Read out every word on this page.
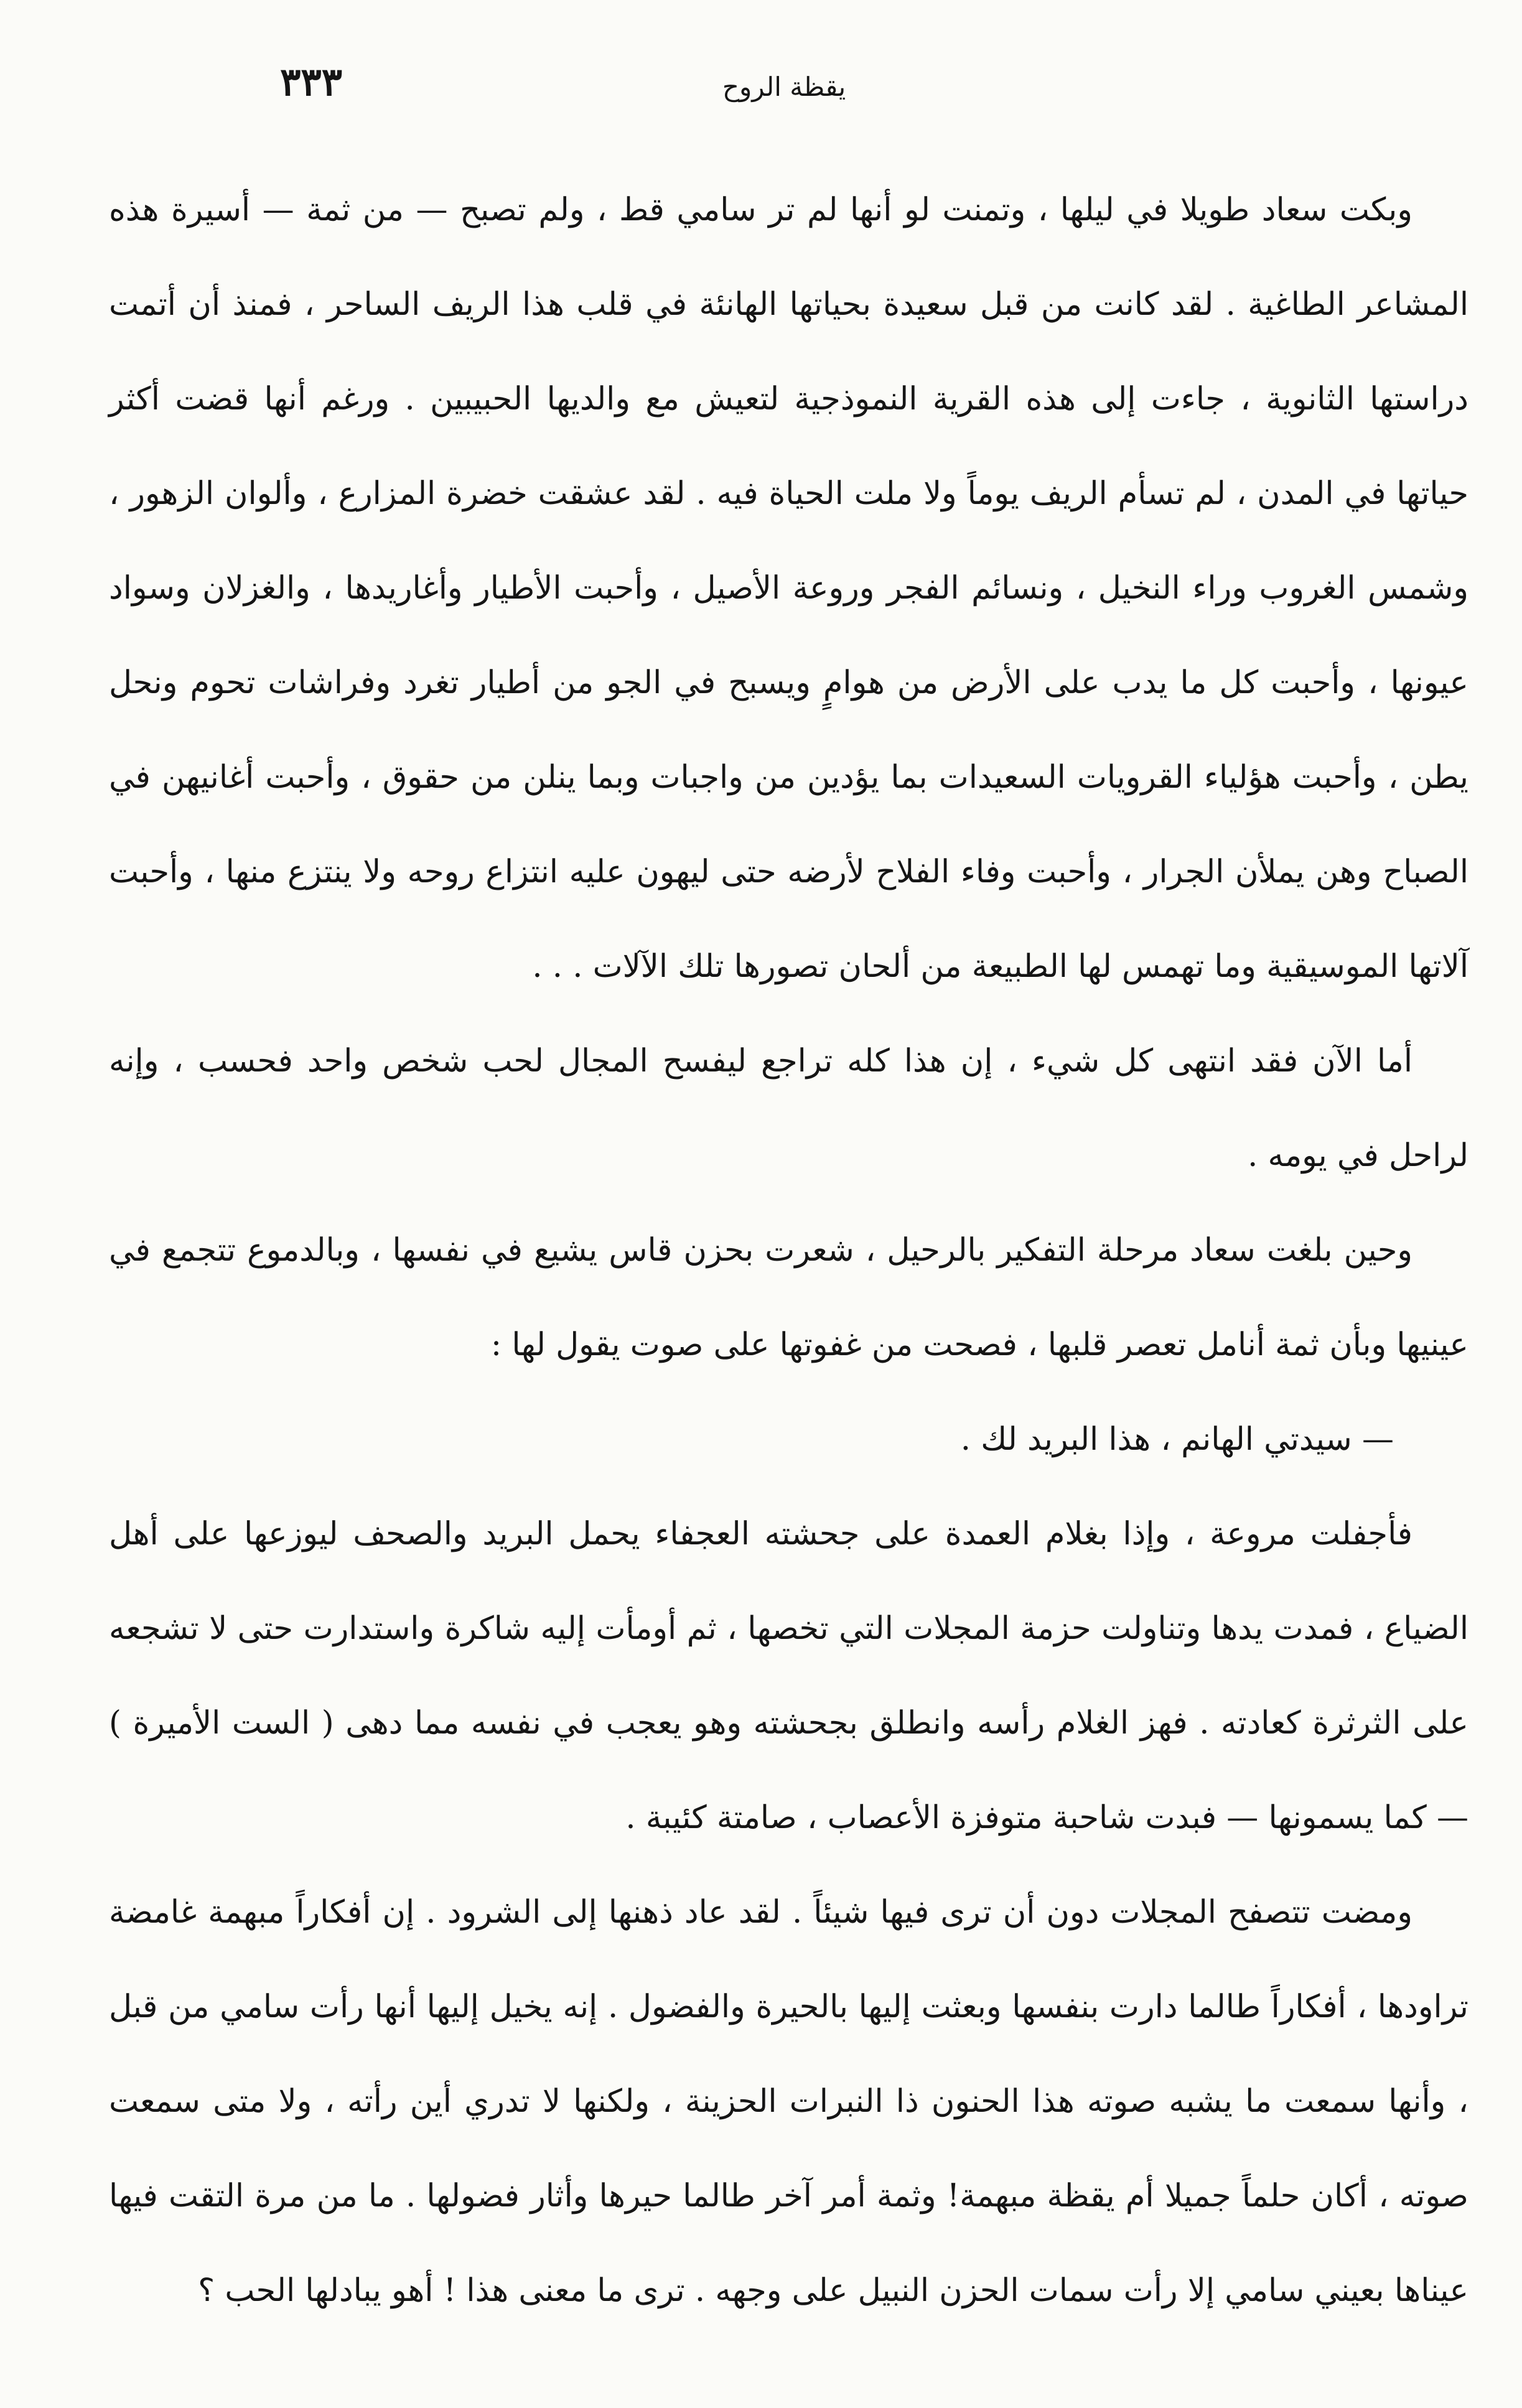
٣٣٣	يقظة الروح

وبكت سعاد طويلا في ليلها ، وتمنت لو أنها لم تر سامي قط ، ولم تصبح — من ثمة — أسيرة هذه المشاعر الطاغية . لقد كانت من قبل سعيدة بحياتها الهانئة في قلب هذا الريف الساحر ، فمنذ أن أتمت دراستها الثانوية ، جاءت إلى هذه القرية النموذجية لتعيش مع والديها الحبيبين . ورغم أنها قضت أكثر حياتها في المدن ، لم تسأم الريف يوماً ولا ملت الحياة فيه . لقد عشقت خضرة المزارع ، وألوان الزهور ، وشمس الغروب وراء النخيل ، ونسائم الفجر وروعة الأصيل ، وأحبت الأطيار وأغاريدها ، والغزلان وسواد عيونها ، وأحبت كل ما يدب على الأرض من هوامٍ ويسبح في الجو من أطيار تغرد وفراشات تحوم ونحل يطن ، وأحبت هؤلياء القرويات السعيدات بما يؤدين من واجبات وبما ينلن من حقوق ، وأحبت أغانيهن في الصباح وهن يملأن الجرار ، وأحبت وفاء الفلاح لأرضه حتى ليهون عليه انتزاع روحه ولا ينتزع منها ، وأحبت آلاتها الموسيقية وما تهمس لها الطبيعة من ألحان تصورها تلك الآلات . . .

أما الآن فقد انتهى كل شيء ، إن هذا كله تراجع ليفسح المجال لحب شخص واحد فحسب ، وإنه لراحل في يومه .

وحين بلغت سعاد مرحلة التفكير بالرحيل ، شعرت بحزن قاس يشيع في نفسها ، وبالدموع تتجمع في عينيها وبأن ثمة أنامل تعصر قلبها ، فصحت من غفوتها على صوت يقول لها :

— سيدتي الهانم ، هذا البريد لك .

فأجفلت مروعة ، وإذا بغلام العمدة على جحشته العجفاء يحمل البريد والصحف ليوزعها على أهل الضياع ، فمدت يدها وتناولت حزمة المجلات التي تخصها ، ثم أومأت إليه شاكرة واستدارت حتى لا تشجعه على الثرثرة كعادته . فهز الغلام رأسه وانطلق بجحشته وهو يعجب في نفسه مما دهى ( الست الأميرة ) — كما يسمونها — فبدت شاحبة متوفزة الأعصاب ، صامتة كئيبة .

ومضت تتصفح المجلات دون أن ترى فيها شيئاً . لقد عاد ذهنها إلى الشرود . إن أفكاراً مبهمة غامضة تراودها ، أفكاراً طالما دارت بنفسها وبعثت إليها بالحيرة والفضول . إنه يخيل إليها أنها رأت سامي من قبل ، وأنها سمعت ما يشبه صوته هذا الحنون ذا النبرات الحزينة ، ولكنها لا تدري أين رأته ، ولا متى سمعت صوته ، أكان حلماً جميلا أم يقظة مبهمة! وثمة أمر آخر طالما حيرها وأثار فضولها . ما من مرة التقت فيها عيناها بعيني سامي إلا رأت سمات الحزن النبيل على وجهه . ترى ما معنى هذا ! أهو يبادلها الحب ؟
